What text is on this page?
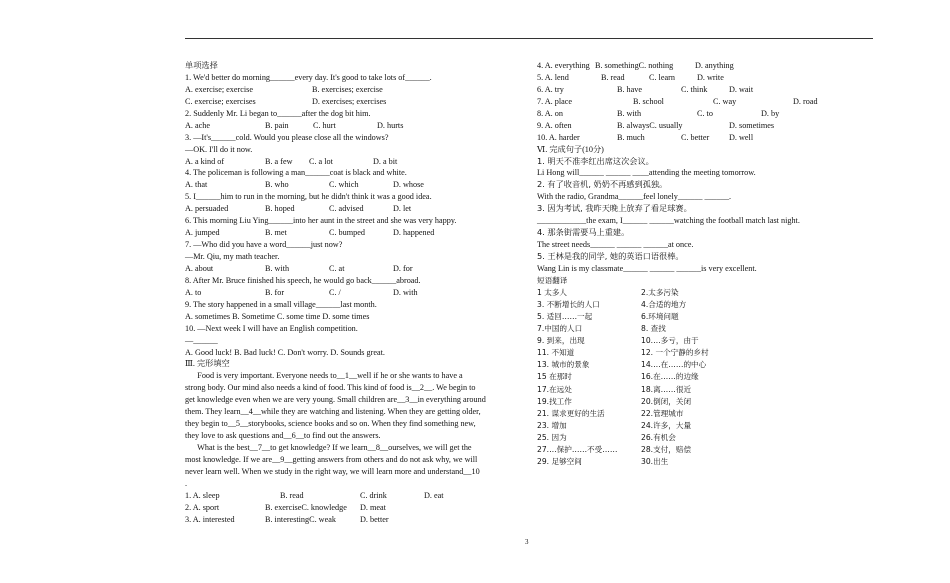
单项选择
1. We'd better do morning______every day. It's good to take lots of______.
A. exercise; exercise	B. exercises; exercise
C. exercise; exercises	D. exercises; exercises
2. Suddenly Mr. Li began to______after the dog bit him.
A. ache	B. pain	C. hurt	D. hurts
3. —It's______cold. Would you please close all the windows?
—OK. I'll do it now.
A. a kind of	B. a few	C. a lot	D. a bit
4. The policeman is following a man______coat is black and white.
A. that	B. who	C. which	D. whose
5. I______him to run in the morning, but he didn't think it was a good idea.
A. persuaded	B. hoped	C. advised	D. let
6. This morning Liu Ying______into her aunt in the street and she was very happy.
A. jumped	B. met	C. bumped	D. happened
7. —Who did you have a word______just now?
—Mr. Qiu, my math teacher.
A. about	B. with	C. at	D. for
8. After Mr. Bruce finished his speech, he would go back______abroad.
A. to	B. for	C. /	D. with
9. The story happened in a small village______last month.
A. sometimes B. Sometime C. some time D. some times
10. —Next week I will have an English competition.
—______
A. Good luck! B. Bad luck! C. Don't worry. D. Sounds great.
Ⅲ. 完形填空
Food is very important. Everyone needs to__1__well if he or she wants to have a
strong body. Our mind also needs a kind of food. This kind of food is__2__. We begin to
get knowledge even when we are very young. Small children are__3__in everything around
them. They learn__4__while they are watching and listening. When they are getting older,
they begin to__5__storybooks, science books and so on. When they find something new,
they love to ask questions and__6__to find out the answers.
What is the best__7__to get knowledge? If we learn__8__ourselves, we will get the
most knowledge. If we are__9__getting answers from others and do not ask why, we will
never learn well. When we study in the right way, we will learn more and understand__10
.
1. A. sleep	B. read	C. drink	D. eat
2. A. sport	B. exerciseC. knowledge	D. meat
3. A. interested	B. interestingC. weak	D. better
4. A. everything B. somethingC. nothing	D. anything
5. A. lend	B. read	C. learn	D. write
6. A. try	B. have	C. think	D. wait
7. A. place	B. school	C. way	D. road
8. A. on	B. with	C. to	D. by
9. A. often	B. alwaysC. usually	D. sometimes
10. A. harder	B. much	C. better	D. well
Ⅵ. 完成句子(10分)
1. 明天不准李红出席这次会议。
Li Hong will______ ______ ____attending the meeting tomorrow.
2. 有了收音机, 奶奶不再感到孤独。
With the radio, Grandma______feel lonely______ ______.
3. 因为考试, 我昨天晚上放弃了看足球赛。
____________the exam, I______ ______watching the football match last night.
4. 那条街需要马上重建。
The street needs______ ______ ______at once.
5. 王林是我的同学, 她的英语口语很棒。
Wang Lin is my classmate______ ______ ______is very excellent.
短语翻译
1 太多人	2.太多污染
3. 不断增长的人口	4.合适的地方
5. 适回……一起	6.环境问题
7.中国的人口	8. 查找
9. 到来，出现	10.…多亏，由于
11. 不知道	12. 一个宁静的乡村
13. 城市的景象	14.…在……的中心
15 在那时	16.在……的边缘
17.在远处	18.离……很近
19.找工作	20.倒闭，关闭
21. 谋求更好的生活	22.管理城市
23. 增加	24.许多，大量
25. 因为	26.有机会
27.…保护……不受……	28.支付，赔偿
29. 足够空间	30.出生
3
